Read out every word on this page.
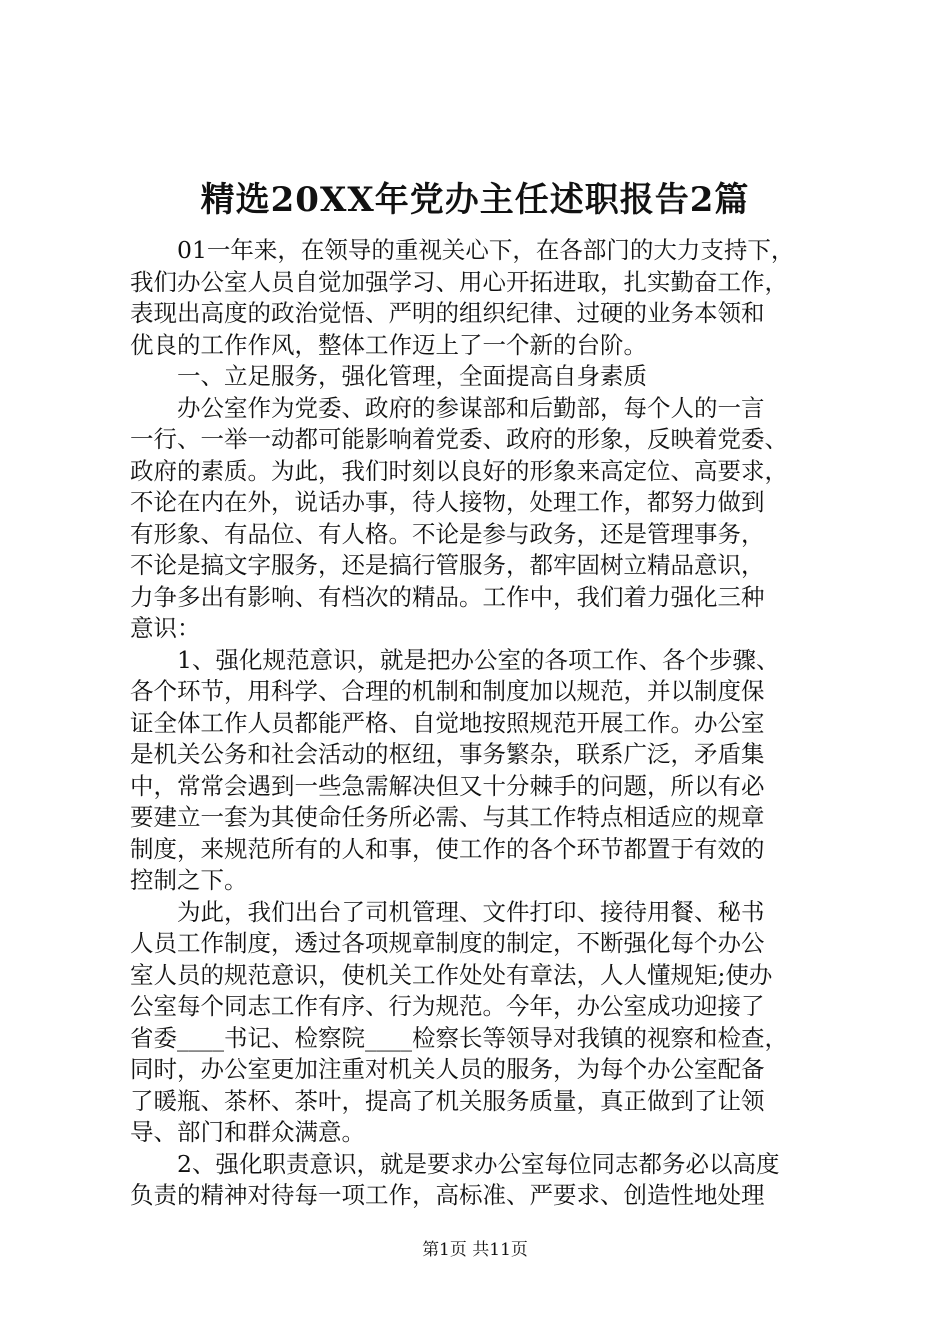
精选20XX年党办主任述职报告2篇
　　01一年来，在领导的重视关心下，在各部门的大力支持下，
我们办公室人员自觉加强学习、用心开拓进取，扎实勤奋工作，
表现出高度的政治觉悟、严明的组织纪律、过硬的业务本领和
优良的工作作风，整体工作迈上了一个新的台阶。
　　一、立足服务，强化管理，全面提高自身素质
　　办公室作为党委、政府的参谋部和后勤部，每个人的一言
一行、一举一动都可能影响着党委、政府的形象，反映着党委、
政府的素质。为此，我们时刻以良好的形象来高定位、高要求，
不论在内在外，说话办事，待人接物，处理工作，都努力做到
有形象、有品位、有人格。不论是参与政务，还是管理事务，
不论是搞文字服务，还是搞行管服务，都牢固树立精品意识，
力争多出有影响、有档次的精品。工作中，我们着力强化三种
意识：
　　1、强化规范意识，就是把办公室的各项工作、各个步骤、
各个环节，用科学、合理的机制和制度加以规范，并以制度保
证全体工作人员都能严格、自觉地按照规范开展工作。办公室
是机关公务和社会活动的枢纽，事务繁杂，联系广泛，矛盾集
中，常常会遇到一些急需解决但又十分棘手的问题，所以有必
要建立一套为其使命任务所必需、与其工作特点相适应的规章
制度，来规范所有的人和事，使工作的各个环节都置于有效的
控制之下。
　　为此，我们出台了司机管理、文件打印、接待用餐、秘书
人员工作制度，透过各项规章制度的制定，不断强化每个办公
室人员的规范意识，使机关工作处处有章法，人人懂规矩;使办
公室每个同志工作有序、行为规范。今年，办公室成功迎接了
省委____书记、检察院____检察长等领导对我镇的视察和检查，
同时，办公室更加注重对机关人员的服务，为每个办公室配备
了暖瓶、茶杯、茶叶，提高了机关服务质量，真正做到了让领
导、部门和群众满意。
　　2、强化职责意识，就是要求办公室每位同志都务必以高度
负责的精神对待每一项工作，高标准、严要求、创造性地处理
第1页 共11页
